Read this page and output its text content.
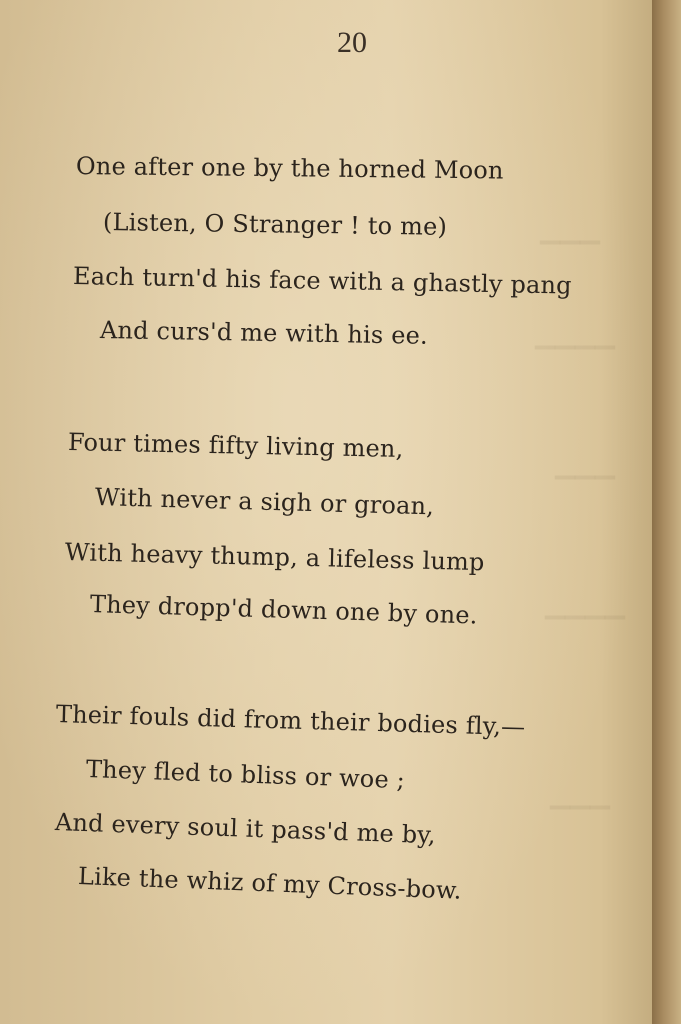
▁▁▁
▁▁▁▁
▁▁▁
▁▁▁▁
▁▁▁

20

One after one by the horned Moon
(Listen, O Stranger ! to me)
Each turn'd his face with a ghastly pang
And curs'd me with his ee.
Four times fifty living men,
With never a sigh or groan,
With heavy thump, a lifeless lump
They dropp'd down one by one.
Their fouls did from their bodies fly,—
They fled to bliss or woe ;
And every soul it pass'd me by,
Like the whiz of my Cross-bow.
